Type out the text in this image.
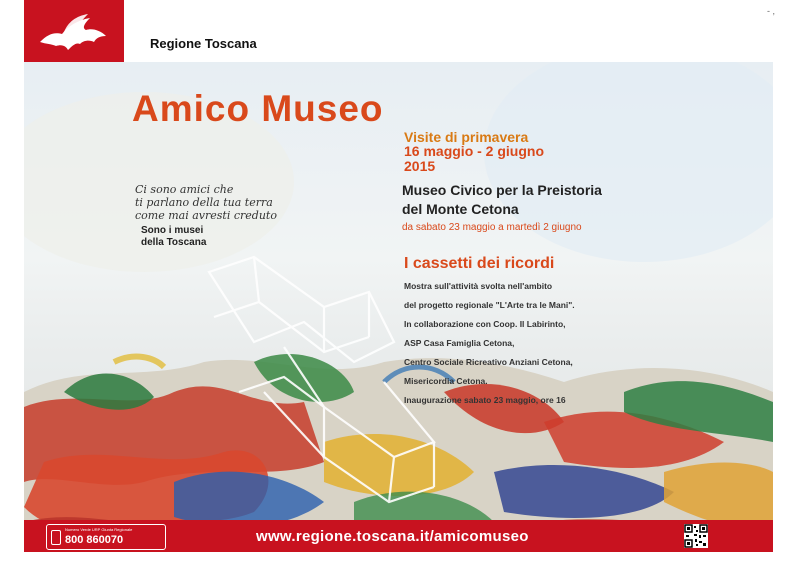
Regione Toscana
- ,
Amico Museo
Visite di primavera
16 maggio - 2 giugno
2015
Museo Civico per la Preistoria
del Monte Cetona
da sabato 23 maggio a martedì 2 giugno
Ci sono amici che
ti parlano della tua terra
come mai avresti creduto
Sono i musei
della Toscana
I cassetti dei ricordi
Mostra sull'attività svolta nell'ambito
del progetto regionale "L'Arte tra le Mani".
In collaborazione con Coop. Il Labirinto,
ASP Casa Famiglia Cetona,
Centro Sociale Ricreativo Anziani Cetona,
Misericordia Cetona.
Inaugurazione sabato 23 maggio, ore 16
Numero Verde URP Giunta Regionale
800 860070	www.regione.toscana.it/amicomuseo
